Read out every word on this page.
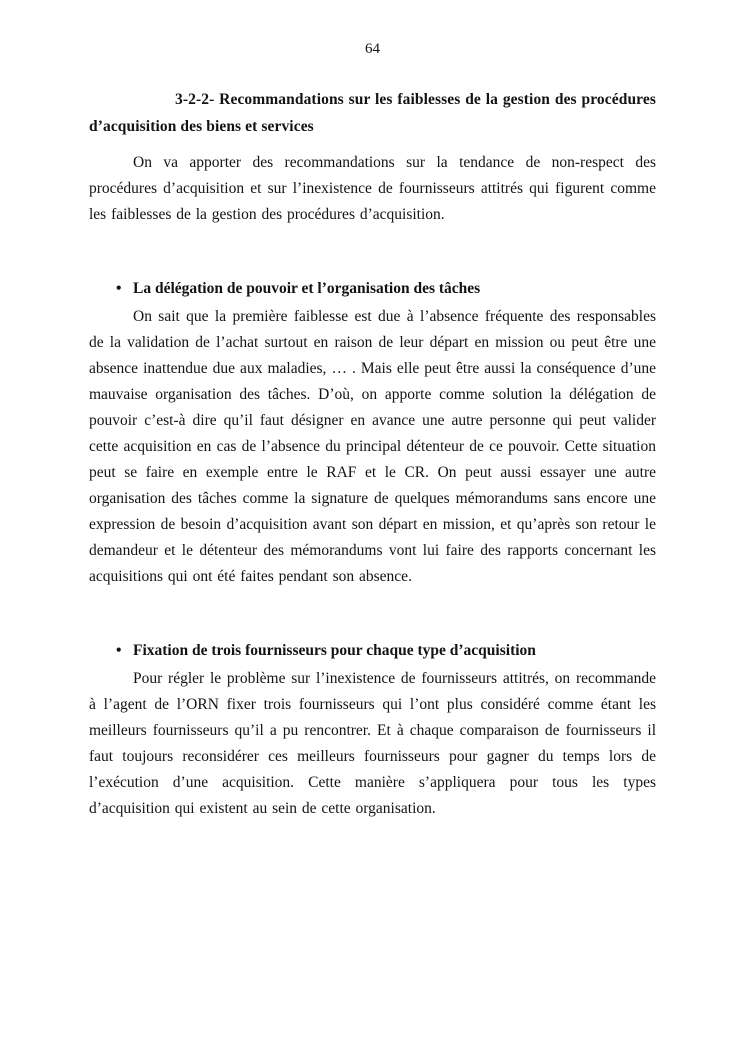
64

3-2-2- Recommandations sur les faiblesses de la gestion des procédures d’acquisition des biens et services

On va apporter des recommandations sur la tendance de non-respect des procédures d’acquisition et sur l’inexistence de fournisseurs attitrés qui figurent comme les faiblesses de la gestion des procédures d’acquisition.

• La délégation de pouvoir et l’organisation des tâches

On sait que la première faiblesse est due à l’absence fréquente des responsables de la validation de l’achat surtout en raison de leur départ en mission ou peut être une absence inattendue due aux maladies, … . Mais elle peut être aussi la conséquence d’une mauvaise organisation des tâches. D’où, on apporte comme solution la délégation de pouvoir c’est-à dire qu’il faut désigner en avance une autre personne qui peut valider cette acquisition en cas de l’absence du principal détenteur de ce pouvoir. Cette situation peut se faire en exemple entre le RAF et le CR. On peut aussi essayer une autre organisation des tâches comme la signature de quelques mémorandums sans encore une expression de besoin d’acquisition avant son départ en mission, et qu’après son retour le demandeur et le détenteur des mémorandums vont lui faire des rapports concernant les acquisitions qui ont été faites pendant son absence.

• Fixation de trois fournisseurs pour chaque type d’acquisition

Pour régler le problème sur l’inexistence de fournisseurs attitrés, on recommande à l’agent de l’ORN fixer trois fournisseurs qui l’ont plus considéré comme étant les meilleurs fournisseurs qu’il a pu rencontrer. Et à chaque comparaison de fournisseurs il faut toujours reconsidérer ces meilleurs fournisseurs pour gagner du temps lors de l’exécution d’une acquisition. Cette manière s’appliquera pour tous les types d’acquisition qui existent au sein de cette organisation.
